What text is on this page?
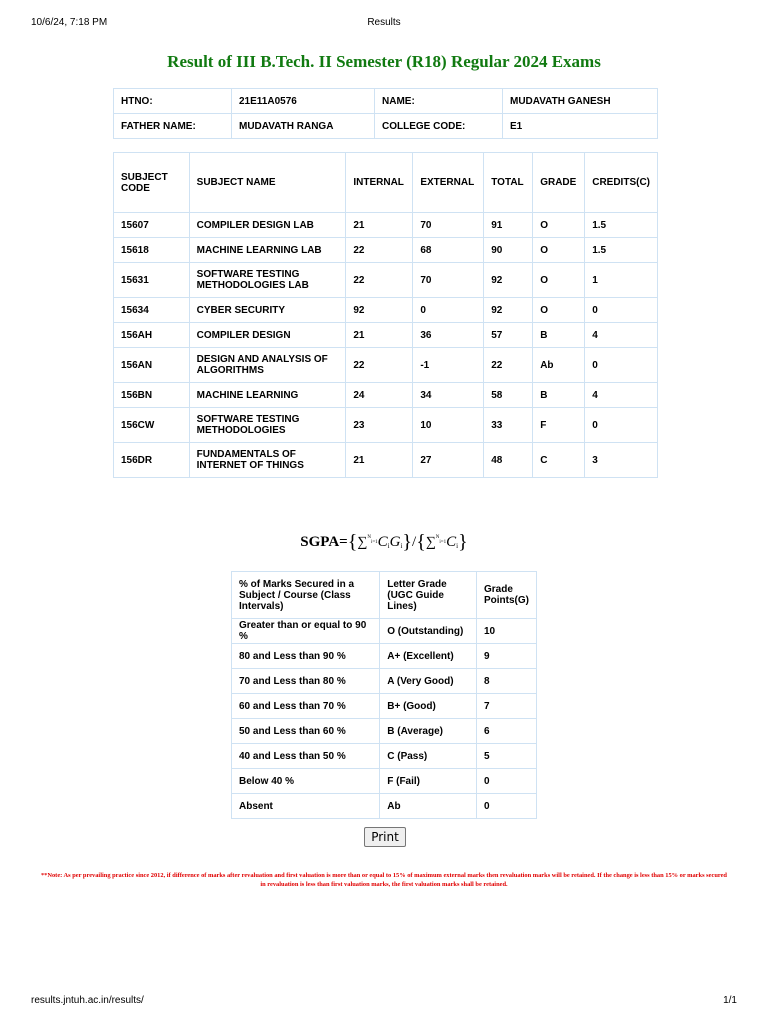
10/6/24, 7:18 PM	Results
Result of III B.Tech. II Semester (R18) Regular 2024 Exams
HTNO:	21E11A0576	NAME:	MUDAVATH GANESH
FATHER NAME:	MUDAVATH RANGA	COLLEGE CODE:	E1
SUBJECT CODE	SUBJECT NAME	INTERNAL	EXTERNAL	TOTAL	GRADE	CREDITS(C)
15607	COMPILER DESIGN LAB	21	70	91	O	1.5
15618	MACHINE LEARNING LAB	22	68	90	O	1.5
15631	SOFTWARE TESTING METHODOLOGIES LAB	22	70	92	O	1
15634	CYBER SECURITY	92	0	92	O	0
156AH	COMPILER DESIGN	21	36	57	B	4
156AN	DESIGN AND ANALYSIS OF ALGORITHMS	22	-1	22	Ab	0
156BN	MACHINE LEARNING	24	34	58	B	4
156CW	SOFTWARE TESTING METHODOLOGIES	23	10	33	F	0
156DR	FUNDAMENTALS OF INTERNET OF THINGS	21	27	48	C	3
$SGPA=\{\sum^{^N_{i=1}}C_iG_i\}/\{\sum^{^N_{i=1}}C_i\}$
% of Marks Secured in a Subject / Course (Class Intervals)	Letter Grade (UGC Guide Lines)	Grade Points(G)
Greater than or equal to 90 %	O (Outstanding)	10
80 and Less than 90 %	A+ (Excellent)	9
70 and Less than 80 %	A (Very Good)	8
60 and Less than 70 %	B+ (Good)	7
50 and Less than 60 %	B (Average)	6
40 and Less than 50 %	C (Pass)	5
Below 40 %	F (Fail)	0
Absent	Ab	0
Print
**Note: As per prevailing practice since 2012, if difference of marks after revaluation and first valuation is more than or equal to 15% of maximum external marks then revaluation marks will be retained. If the change is less than 15% or marks secured in revaluation is less than first valuation marks, the first valuation marks shall be retained.
results.jntuh.ac.in/results/	1/1
